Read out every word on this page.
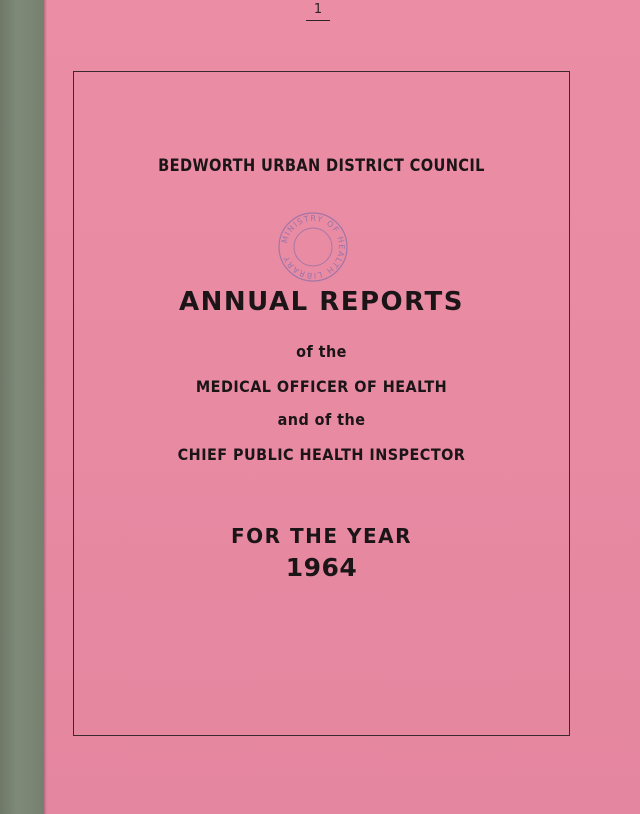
1
BEDWORTH URBAN DISTRICT COUNCIL
MINISTRY OF HEALTH LIBRARY
ANNUAL REPORTS
of the
MEDICAL OFFICER OF HEALTH
and of the
CHIEF PUBLIC HEALTH INSPECTOR
FOR THE YEAR
1964
